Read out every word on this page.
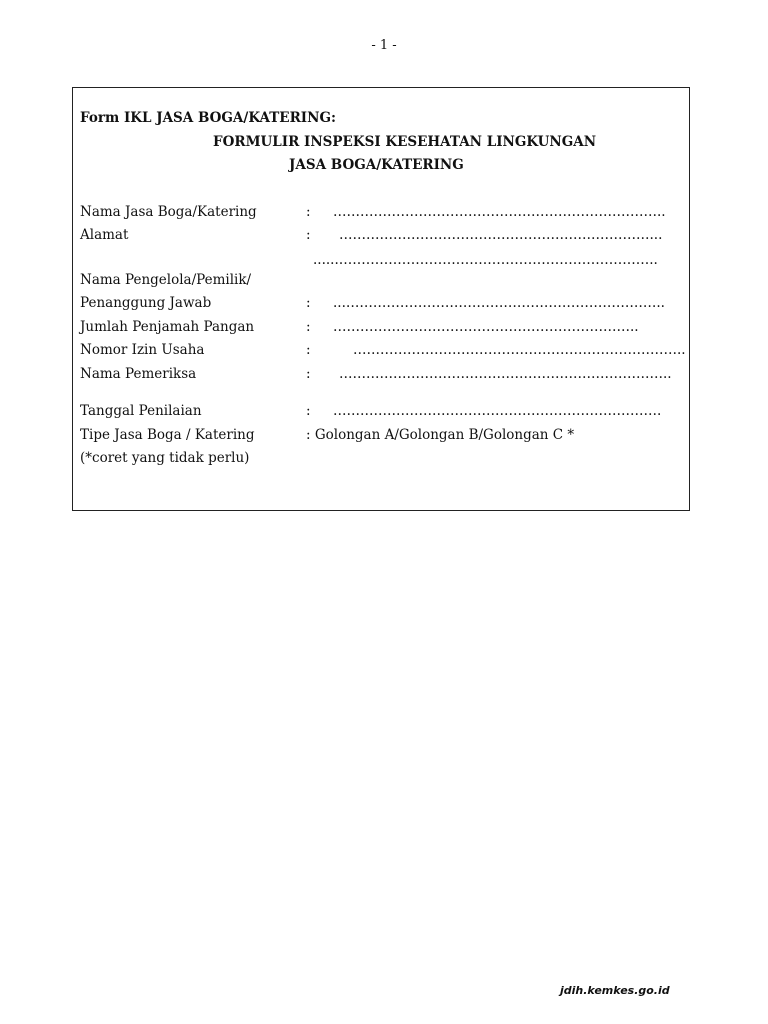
- 1 -
Form IKL JASA BOGA/KATERING:
FORMULIR INSPEKSI KESEHATAN LINGKUNGAN
JASA BOGA/KATERING
Nama Jasa Boga/Katering	: ………………………………………………………………..
Alamat	: ……………………………………………………………...
......……………………………………………………………..
Nama Pengelola/Pemilik/
Penanggung Jawab	: ...……………………………………………………………..
Jumlah Penjamah Pangan	: …………………………………………………………..
Nomor Izin Usaha	:	………………………………………………………………..
Nama Pemeriksa	: ………………………………………………………………..
Tanggal Penilaian	: ……………………………………………………………….
Tipe Jasa Boga / Katering	: Golongan A/Golongan B/Golongan C *
(*coret yang tidak perlu)
jdih.kemkes.go.id
